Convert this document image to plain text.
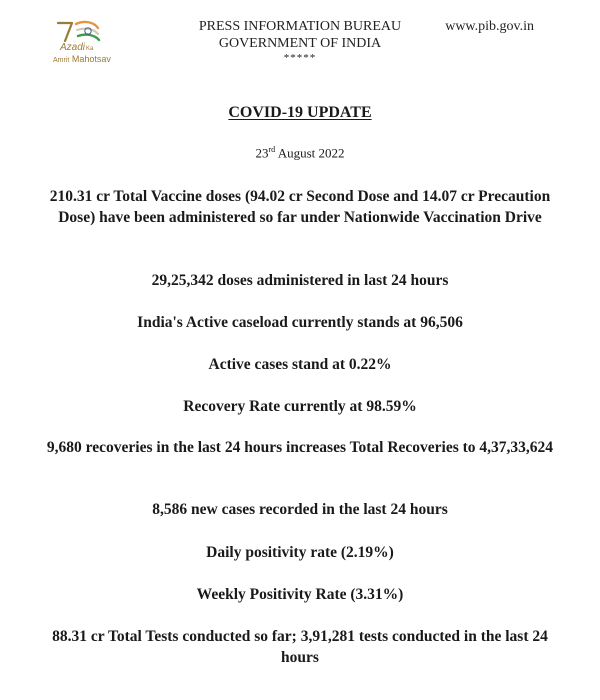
AzadiKa
Amrit Mahotsav
PRESS INFORMATION BUREAU
GOVERNMENT OF INDIA
*****
www.pib.gov.in
COVID-19 UPDATE
23rd August 2022
210.31 cr Total Vaccine doses (94.02 cr Second Dose and 14.07 cr Precaution Dose) have been administered so far under Nationwide Vaccination Drive
29,25,342 doses administered in last 24 hours
India's Active caseload currently stands at 96,506
Active cases stand at 0.22%
Recovery Rate currently at 98.59%
9,680 recoveries in the last 24 hours increases Total Recoveries to 4,37,33,624
8,586 new cases recorded in the last 24 hours
Daily positivity rate (2.19%)
Weekly Positivity Rate (3.31%)
88.31 cr Total Tests conducted so far; 3,91,281 tests conducted in the last 24 hours
